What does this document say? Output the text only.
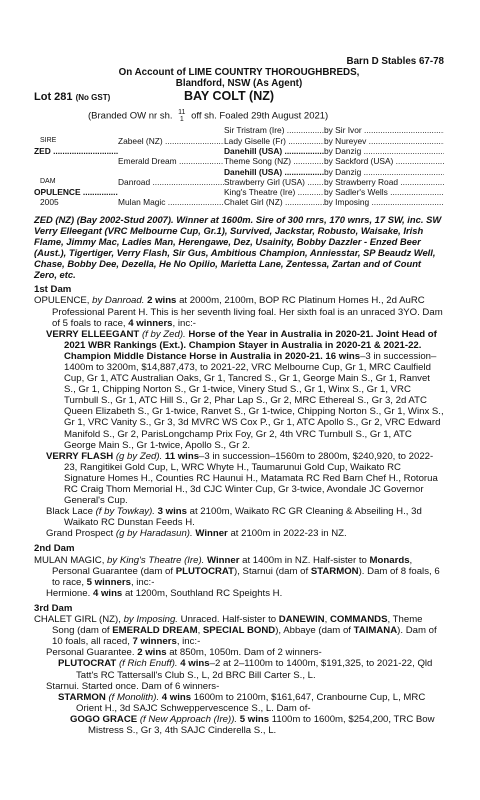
Barn D Stables 67-78
On Account of LIME COUNTRY THOROUGHBREDS,
Blandford, NSW (As Agent)
Lot 281 (No GST)	BAY COLT (NZ)
(Branded OW nr sh. 11
1 off sh. Foaled 29th August 2021)
Sir Tristram (Ire) .....	by Sir Ivor .....
SIRE	Zabeel (NZ) .....	Lady Giselle (Fr) .....	by Nureyev .....
ZED .....	Danehill (USA) .....	by Danzig .....
Emerald Dream .....	Theme Song (NZ) .....	by Sackford (USA) .....
Danehill (USA) .....	by Danzig .....
DAM	Danroad .....	Strawberry Girl (USA) .....	by Strawberry Road .....
OPULENCE .....	King's Theatre (Ire) .....	by Sadler's Wells .....
2005	Mulan Magic .....	Chalet Girl (NZ) .....	by Imposing .....

ZED (NZ) (Bay 2002-Stud 2007). Winner at 1600m. Sire of 300 rnrs, 170 wnrs, 17 SW, inc. SW Verry Elleegant (VRC Melbourne Cup, Gr.1), Survived, Jackstar, Robusto, Waisake, Irish Flame, Jimmy Mac, Ladies Man, Herengawe, Dez, Usainity, Bobby Dazzler - Enzed Beer (Aust.), Tigertiger, Verry Flash, Sir Gus, Ambitious Champion, Anniesstar, SP Beaudz Well, Chase, Bobby Dee, Dezella, He No Opilio, Marietta Lane, Zentessa, Zartan and of Count Zero, etc.

1st Dam

OPULENCE, by Danroad. 2 wins at 2000m, 2100m, BOP RC Platinum Homes H., 2d AuRC Professional Parent H. This is her seventh living foal. Her sixth foal is an unraced 3YO. Dam of 5 foals to race, 4 winners, inc:-

VERRY ELLEEGANT (f by Zed). Horse of the Year in Australia in 2020-21. Joint Head of 2021 WBR Rankings (Ext.). Champion Stayer in Australia in 2020-21 & 2021-22. Champion Middle Distance Horse in Australia in 2020-21. 16 wins–3 in succession–1400m to 3200m, $14,887,473, to 2021-22, VRC Melbourne Cup, Gr 1, MRC Caulfield Cup, Gr 1, ATC Australian Oaks, Gr 1, Tancred S., Gr 1, George Main S., Gr 1, Ranvet S., Gr 1, Chipping Norton S., Gr 1-twice, Vinery Stud S., Gr 1, Winx S., Gr 1, VRC Turnbull S., Gr 1, ATC Hill S., Gr 2, Phar Lap S., Gr 2, MRC Ethereal S., Gr 3, 2d ATC Queen Elizabeth S., Gr 1-twice, Ranvet S., Gr 1-twice, Chipping Norton S., Gr 1, Winx S., Gr 1, VRC Vanity S., Gr 3, 3d MVRC WS Cox P., Gr 1, ATC Apollo S., Gr 2, VRC Edward Manifold S., Gr 2, ParisLongchamp Prix Foy, Gr 2, 4th VRC Turnbull S., Gr 1, ATC George Main S., Gr 1-twice, Apollo S., Gr 2.

VERRY FLASH (g by Zed). 11 wins–3 in succession–1560m to 2800m, $240,920, to 2022-23, Rangitikei Gold Cup, L, WRC Whyte H., Taumarunui Gold Cup, Waikato RC Signature Homes H., Counties RC Haunui H., Matamata RC Red Barn Chef H., Rotorua RC Craig Thom Memorial H., 3d CJC Winter Cup, Gr 3-twice, Avondale JC Governor General's Cup.

Black Lace (f by Towkay). 3 wins at 2100m, Waikato RC GR Cleaning & Abseiling H., 3d Waikato RC Dunstan Feeds H.

Grand Prospect (g by Haradasun). Winner at 2100m in 2022-23 in NZ.

2nd Dam

MULAN MAGIC, by King's Theatre (Ire). Winner at 1400m in NZ. Half-sister to Monards, Personal Guarantee (dam of PLUTOCRAT), Starnui (dam of STARMON). Dam of 8 foals, 6 to race, 5 winners, inc:-

Hermione. 4 wins at 1200m, Southland RC Speights H.

3rd Dam

CHALET GIRL (NZ), by Imposing. Unraced. Half-sister to DANEWIN, COMMANDS, Theme Song (dam of EMERALD DREAM, SPECIAL BOND), Abbaye (dam of TAIMANA). Dam of 10 foals, all raced, 7 winners, inc:-

Personal Guarantee. 2 wins at 850m, 1050m. Dam of 2 winners-

PLUTOCRAT (f Rich Enuff). 4 wins–2 at 2–1100m to 1400m, $191,325, to 2021-22, Qld Tatt's RC Tattersall's Club S., L, 2d BRC Bill Carter S., L.

Starnui. Started once. Dam of 6 winners-

STARMON (f Monolith). 4 wins 1600m to 2100m, $161,647, Cranbourne Cup, L, MRC Orient H., 3d SAJC Schweppervescence S., L. Dam of-

GOGO GRACE (f New Approach (Ire)). 5 wins 1100m to 1600m, $254,200, TRC Bow Mistress S., Gr 3, 4th SAJC Cinderella S., L.
